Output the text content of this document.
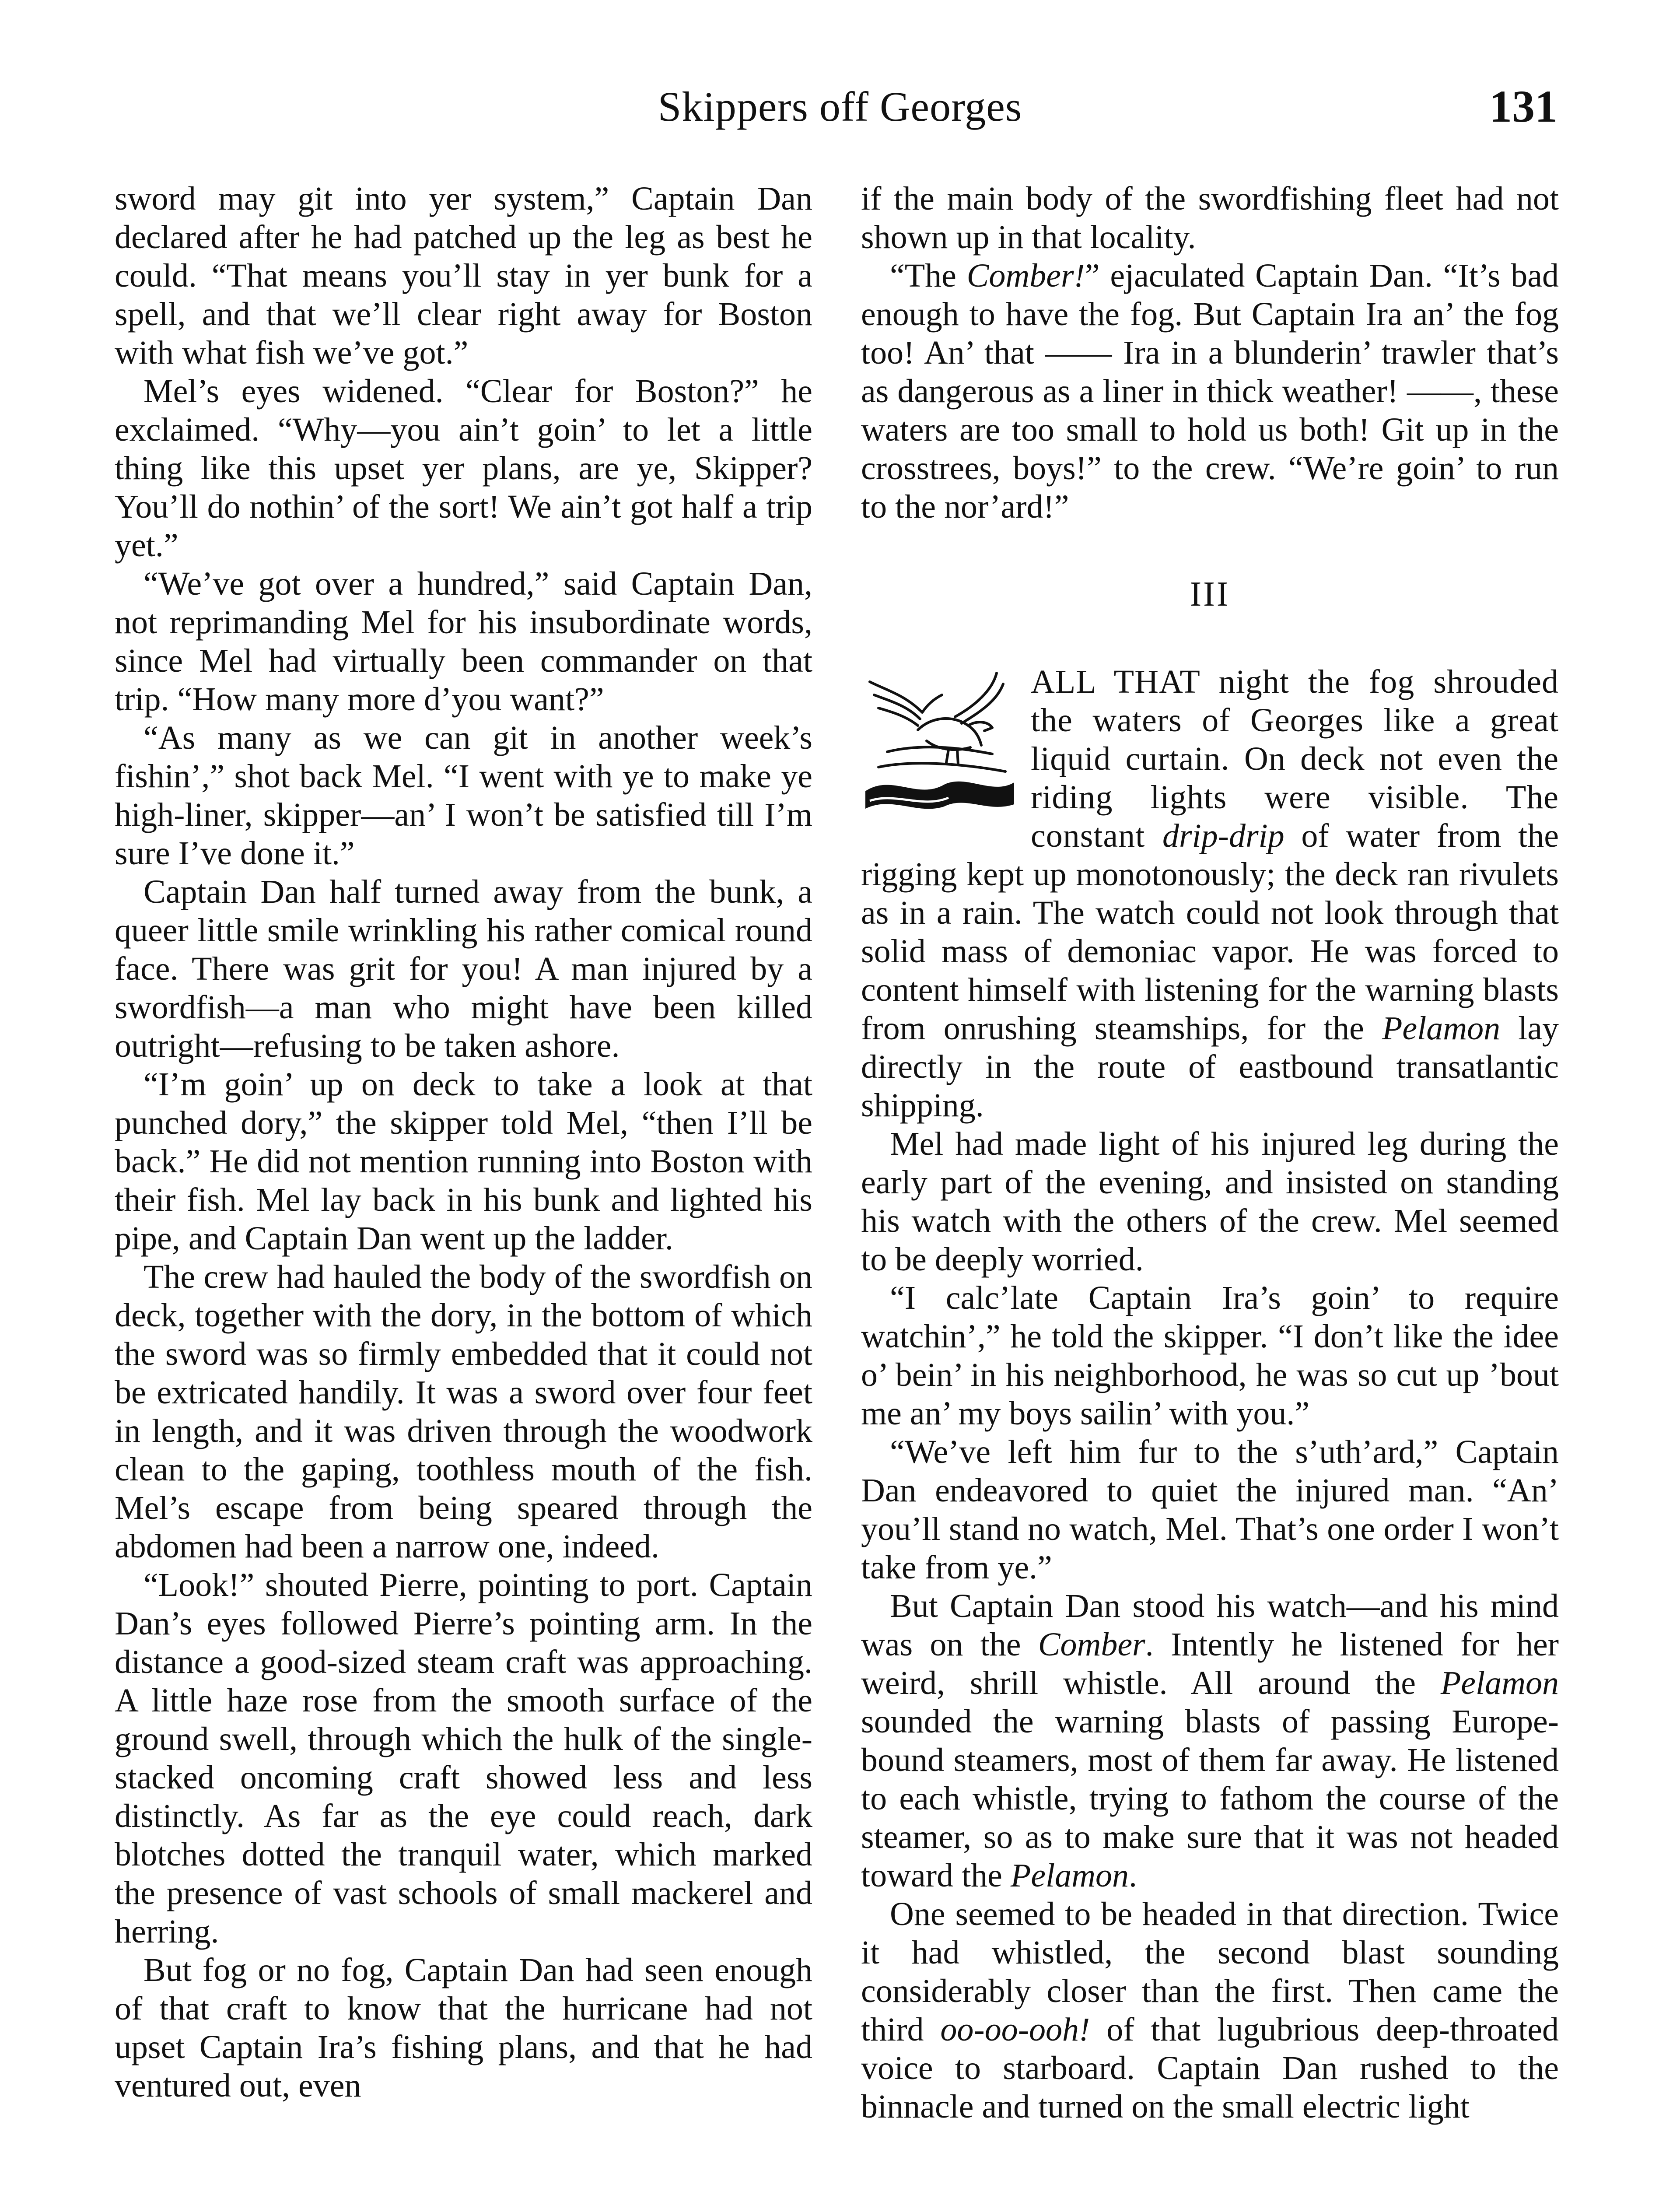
Skippers off Georges	131

sword may git into yer system,” Captain Dan declared after he had patched up the leg as best he could. “That means you’ll stay in yer bunk for a spell, and that we’ll clear right away for Boston with what fish we’ve got.”

Mel’s eyes widened. “Clear for Boston?” he exclaimed. “Why—you ain’t goin’ to let a little thing like this upset yer plans, are ye, Skipper? You’ll do nothin’ of the sort! We ain’t got half a trip yet.”

“We’ve got over a hundred,” said Captain Dan, not reprimanding Mel for his insubordinate words, since Mel had virtually been commander on that trip. “How many more d’you want?”

“As many as we can git in another week’s fishin’,” shot back Mel. “I went with ye to make ye high-liner, skipper—an’ I won’t be satisfied till I’m sure I’ve done it.”

Captain Dan half turned away from the bunk, a queer little smile wrinkling his rather comical round face. There was grit for you! A man injured by a swordfish—a man who might have been killed outright—refusing to be taken ashore.

“I’m goin’ up on deck to take a look at that punched dory,” the skipper told Mel, “then I’ll be back.” He did not mention running into Boston with their fish. Mel lay back in his bunk and lighted his pipe, and Captain Dan went up the ladder.

The crew had hauled the body of the swordfish on deck, together with the dory, in the bottom of which the sword was so firmly embedded that it could not be extricated handily. It was a sword over four feet in length, and it was driven through the woodwork clean to the gaping, toothless mouth of the fish. Mel’s escape from being speared through the abdomen had been a narrow one, indeed.

“Look!” shouted Pierre, pointing to port. Captain Dan’s eyes followed Pierre’s pointing arm. In the distance a good-sized steam craft was approaching. A little haze rose from the smooth surface of the ground swell, through which the hulk of the single-stacked oncoming craft showed less and less distinctly. As far as the eye could reach, dark blotches dotted the tranquil water, which marked the presence of vast schools of small mackerel and herring.

But fog or no fog, Captain Dan had seen enough of that craft to know that the hurricane had not upset Captain Ira’s fishing plans, and that he had ventured out, even

if the main body of the swordfishing fleet had not shown up in that locality.

“The Comber!” ejaculated Captain Dan. “It’s bad enough to have the fog. But Captain Ira an’ the fog too! An’ that —— Ira in a blunderin’ trawler that’s as dangerous as a liner in thick weather! ——, these waters are too small to hold us both! Git up in the crosstrees, boys!” to the crew. “We’re goin’ to run to the nor’ard!”

III

ALL THAT night the fog shrouded the waters of Georges like a great liquid curtain. On deck not even the riding lights were visible. The constant drip-drip of water from the rigging kept up monotonously; the deck ran rivulets as in a rain. The watch could not look through that solid mass of demoniac vapor. He was forced to content himself with listening for the warning blasts from onrushing steamships, for the Pelamon lay directly in the route of eastbound transatlantic shipping.

Mel had made light of his injured leg during the early part of the evening, and insisted on standing his watch with the others of the crew. Mel seemed to be deeply worried.

“I calc’late Captain Ira’s goin’ to require watchin’,” he told the skipper. “I don’t like the idee o’ bein’ in his neighborhood, he was so cut up ’bout me an’ my boys sailin’ with you.”

“We’ve left him fur to the s’uth’ard,” Captain Dan endeavored to quiet the injured man. “An’ you’ll stand no watch, Mel. That’s one order I won’t take from ye.”

But Captain Dan stood his watch—and his mind was on the Comber. Intently he listened for her weird, shrill whistle. All around the Pelamon sounded the warning blasts of passing Europe-bound steamers, most of them far away. He listened to each whistle, trying to fathom the course of the steamer, so as to make sure that it was not headed toward the Pelamon.

One seemed to be headed in that direction. Twice it had whistled, the second blast sounding considerably closer than the first. Then came the third oo-oo-ooh! of that lugubrious deep-throated voice to starboard. Captain Dan rushed to the binnacle and turned on the small electric light
